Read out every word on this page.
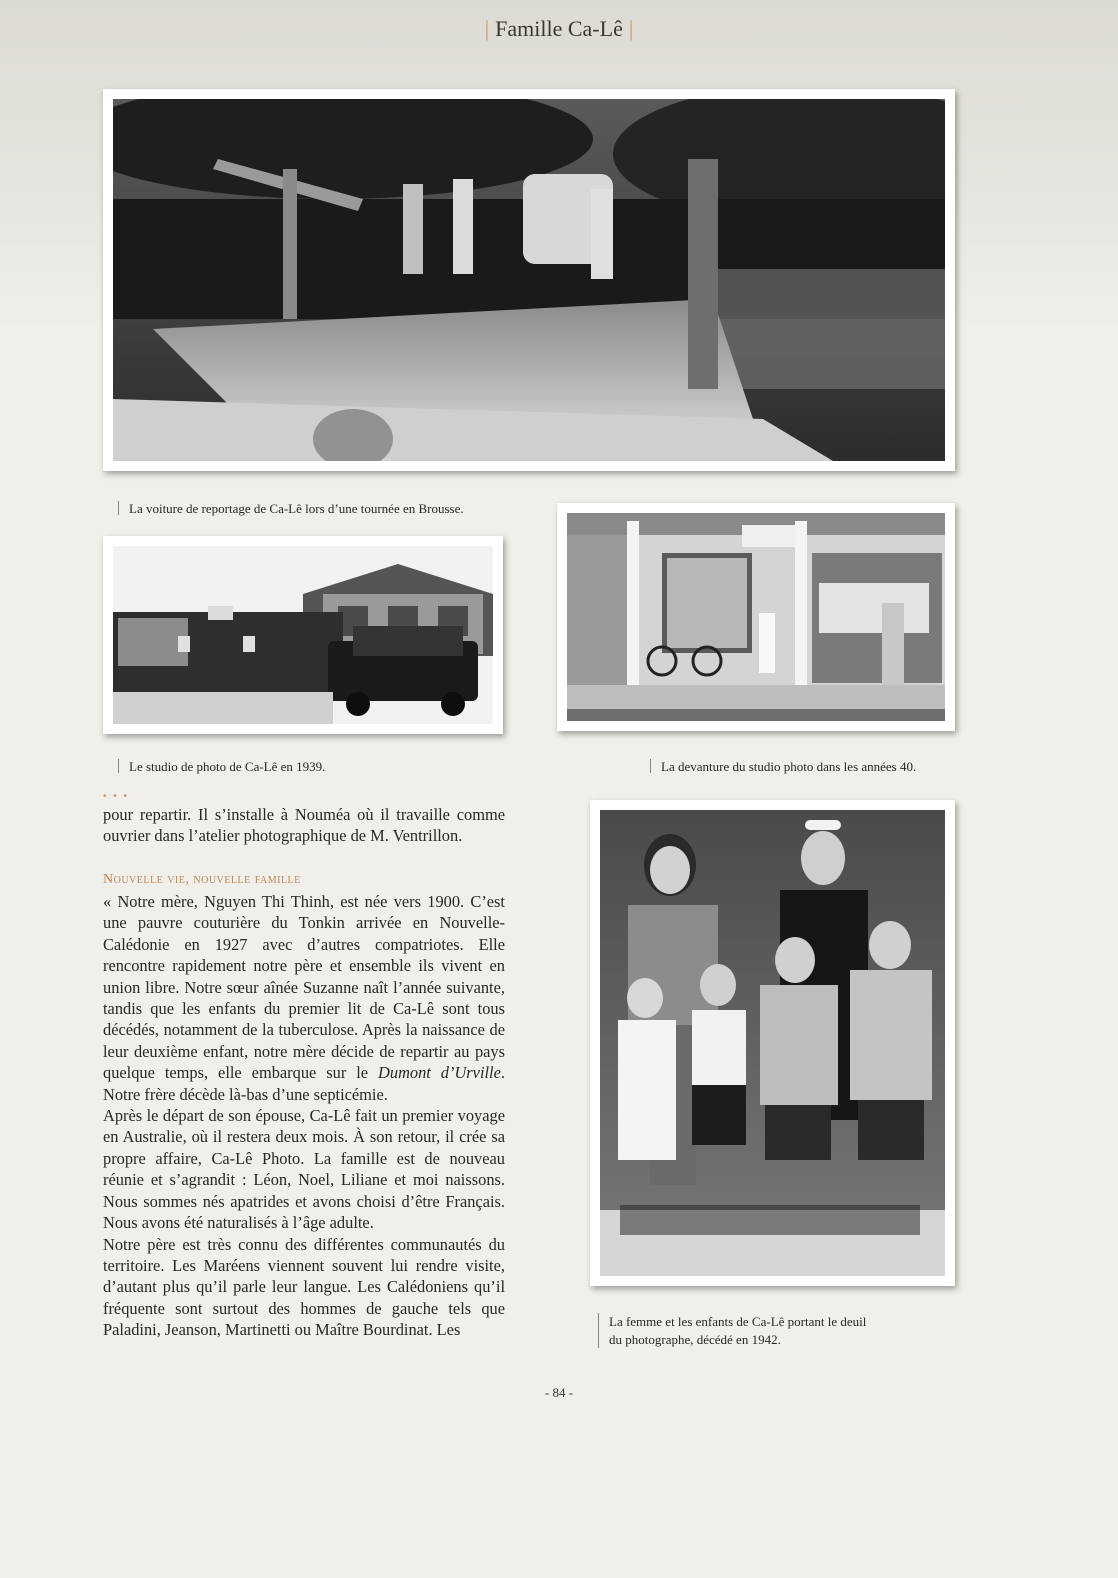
| Famille Ca-Lê |
La voiture de reportage de Ca-Lê lors d’une tournée en Brousse.
Le studio de photo de Ca-Lê en 1939.	La devanture du studio photo dans les années 40.
La femme et les enfants de Ca-Lê portant le deuil
du photographe, décédé en 1942.
• • •

pour repartir. Il s’installe à Nouméa où il travaille comme ouvrier dans l’atelier photographique de M. Ventrillon.

Nouvelle vie, nouvelle famille

« Notre mère, Nguyen Thi Thinh, est née vers 1900. C’est une pauvre couturière du Tonkin arrivée en Nouvelle-Calédonie en 1927 avec d’autres compatriotes. Elle rencontre rapidement notre père et ensemble ils vivent en union libre. Notre sœur aînée Suzanne naît l’année suivante, tandis que les enfants du premier lit de Ca-Lê sont tous décédés, notamment de la tuberculose. Après la naissance de leur deuxième enfant, notre mère décide de repartir au pays quelque temps, elle embarque sur le Dumont d’Urville. Notre frère décède là-bas d’une septicémie.

Après le départ de son épouse, Ca-Lê fait un premier voyage en Australie, où il restera deux mois. À son retour, il crée sa propre affaire, Ca-Lê Photo. La famille est de nouveau réunie et s’agrandit : Léon, Noel, Liliane et moi naissons. Nous sommes nés apatrides et avons choisi d’être Français. Nous avons été naturalisés à l’âge adulte.

Notre père est très connu des différentes communautés du territoire. Les Maréens viennent souvent lui rendre visite, d’autant plus qu’il parle leur langue. Les Calédoniens qu’il fréquente sont surtout des hommes de gauche tels que Paladini, Jeanson, Martinetti ou Maître Bourdinat. Les

- 84 -
